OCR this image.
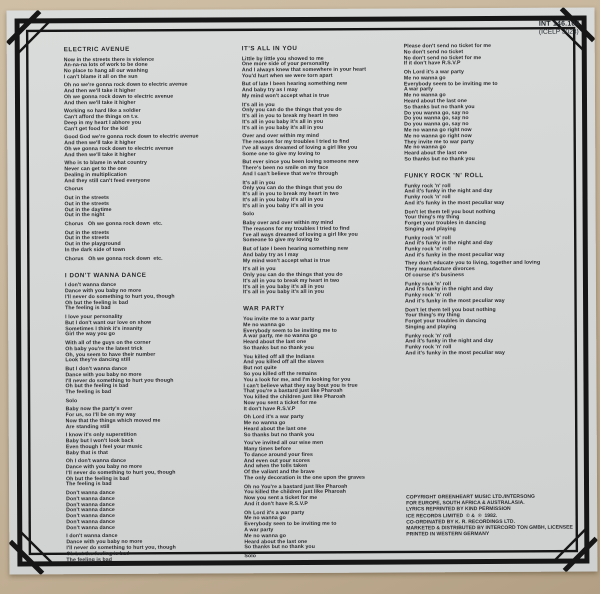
INT 146.104
(ICELP 3023)
ELECTRIC AVENUE
Now in the streets there is violence
An-na-na lots of work to be done
No place to hang all our washing
I can't blame it all on the sun
Oh no we're gonna rock down to electric avenue
And then we'll take it higher
Oh we gonna rock down to electric avenue
And then we'll take it higher
Working so hard like a soldier
Can't afford the things on t.v.
Deep in my heart I abhore you
Can't get food for the kid
Good God we're gonna rock down to electric avenue
And then we'll take it higher
Oh we gonna rock down to electric avenue
And then we'll take it higher
Who is to blame in what country
Never can get to the one
Dealing in multiplication
And they still can't feed everyone
Chorus
Out in the streets
Out in the streets
Out in the daytime
Out in the night
Chorus   Oh we gonna rock down  etc.
Out in the streets
Out in the streets
Out in the playground
In the dark side of town
Chorus   Oh we gonna rock down  etc.
I DON'T WANNA DANCE
I don't wanna dance
Dance with you baby no more
I'll never do something to hurt you, though
Oh but the feeling is bad
The feeling is bad
I love your personality
But I don't want our love on show
Sometimes I think it's insanity
Girl the way you go
With all of the guys on the corner
Oh baby you're the latest trick
Oh, you seem to have their number
Look they're dancing still
But I don't wanna dance
Dance with you baby no more
I'll never do something to hurt you though
Oh but the feeling is bad
The feeling is bad
Solo
Baby now the party's over
For us, so I'll be on my way
Now that the things which moved me
Are standing still
I know it's only superstition
Baby but I won't look back
Even though I feel your music
Baby that is that
Oh I don't wanna dance
Dance with you baby no more
I'll never do something to hurt you, though
Oh but the feeling is bad
The feeling is bad
Don't wanna dance
Don't wanna dance
Don't wanna dance
Don't wanna dance
Don't wanna dance
Don't wanna dance
Don't wanna dance
I don't wanna dance
Dance with you baby no more
I'll never do something to hurt you, though
Oh but the feeling is bad
The feeling is bad
IT'S ALL IN YOU
Little by little you showed to me
One more side of your personality
And I always knew that somewhere in your heart
You'd hurt when we were torn apart
But of late I been hearing something new
And baby try as I may
My mind won't accept what is true
It's all in you
Only you can do the things that you do
It's all in you to break my heart in two
It's all in you baby it's all in you
It's all in you baby it's all in you
Over and over within my mind
The reasons for my troubles I tried to find
I've all ways dreamed of loving a girl like you
Some one to give my loving to
But ever since you been loving someone new
There's been no smile on my face
And I can't believe that we're through
It's all in you
Only you can do the things that you do
It's all in you to break my heart in two
It's all in you baby it's all in you
It's all in you baby it's all in you
Solo
Baby over and over within my mind
The reasons for my troubles I tried to find
I've all ways dreamed of loving a girl like you
Someone to give my loving to
But of late I been hearing something new
And baby try as I may
My mind won't accept what is true
It's all in you
Only you can do the things that you do
It's all in you to break my heart in two
It's all in you baby it's all in you
It's all in you baby it's all in you
WAR PARTY
You invite me to a war party
Me no wanna go
Everybody seem to be inviting me to
A war party, me no wanna go
Heard about the last one
So thanks but no thank you
You killed off all the Indians
And you killed off all the slaves
But not quite
So you killed off the remains
You a look for me, and I'm looking for you
I can't believe what they say bout you is true
That you're a bastard just like Pharoah
You killed the children just like Pharoah
Now you sent a ticket for me
It don't have R.S.V.P
Oh Lord it's a war party
Me no wanna go
Heard about the last one
So thanks but no thank you
You've invited all our wise men
Many times before
To dance around your fires
And even out your scores
And when the tolls taken
Of the valiant and the brave
The only decoration is the one upon the graves
Oh no You're a bastard just like Pharoah
You killed the children just like Pharoah
Now you sent a ticket for me
And it don't have R.S.V.P
Oh Lord it's a war party
Me no wanna go
Everybody seen to be inviting me to
A war party
Me no wanna go
Heard about the last one
So thanks but no thank you
Solo
Please don't send no ticket for me
No don't send no ticket
No don't send no ticket for me
If it don't have R.S.V.P
Oh Lord it's a war party
Me no wanna go
Everybody seem to be inviting me to
A war party
Me no wanna go
Heard about the last one
So thanks but no thank you
Do you wanna go, say no
Do you wanna go, say no
Do you wanna go, say no
Me no wanna go right now
Me no wanna go right now
They invite me to war party
Me no wanna go
Heard about the last one
So thanks but no thank you
FUNKY ROCK 'N' ROLL
Funky rock 'n' roll
And it's funky in the night and day
Funky rock 'n' roll
And it's funky in the most peculiar way
Don't let them tell you bout nothing
Your thing's my thing
Forget your troubles in dancing
Singing and playing
Funky rock 'n' roll
And it's funky in the night and day
Funky rock 'n' roll
And it's funky in the most peculiar way
They don't educate you to living, together and loving
They manufacture divorces
Of course it's business
Funky rock 'n' roll
And it's funky in the night and day
Funky rock 'n' roll
And it's funky in the most peculiar way
Don't let them tell you bout nothing
Your thing's my thing
Forget your troubles in dancing
Singing and playing
Funky rock 'n' roll
And it's funky in the night and day
Funky rock 'n' roll
And it's funky in the most peculiar way
COPYRIGHT GREENHEART MUSIC LTD./INTERSONG
FOR EUROPE, SOUTH AFRICA & AUSTRALASIA.
LYRICS REPRINTED BY KIND PERMISSION
ICE RECORDS LIMITED  © &  ℗  1982.
CO-ORDINATED BY K. R. RECORDINGS LTD.
MARKETED & DISTRIBUTED BY INTERCORD TON GMBH, LICENSEE
PRINTED IN WESTERN GERMANY
